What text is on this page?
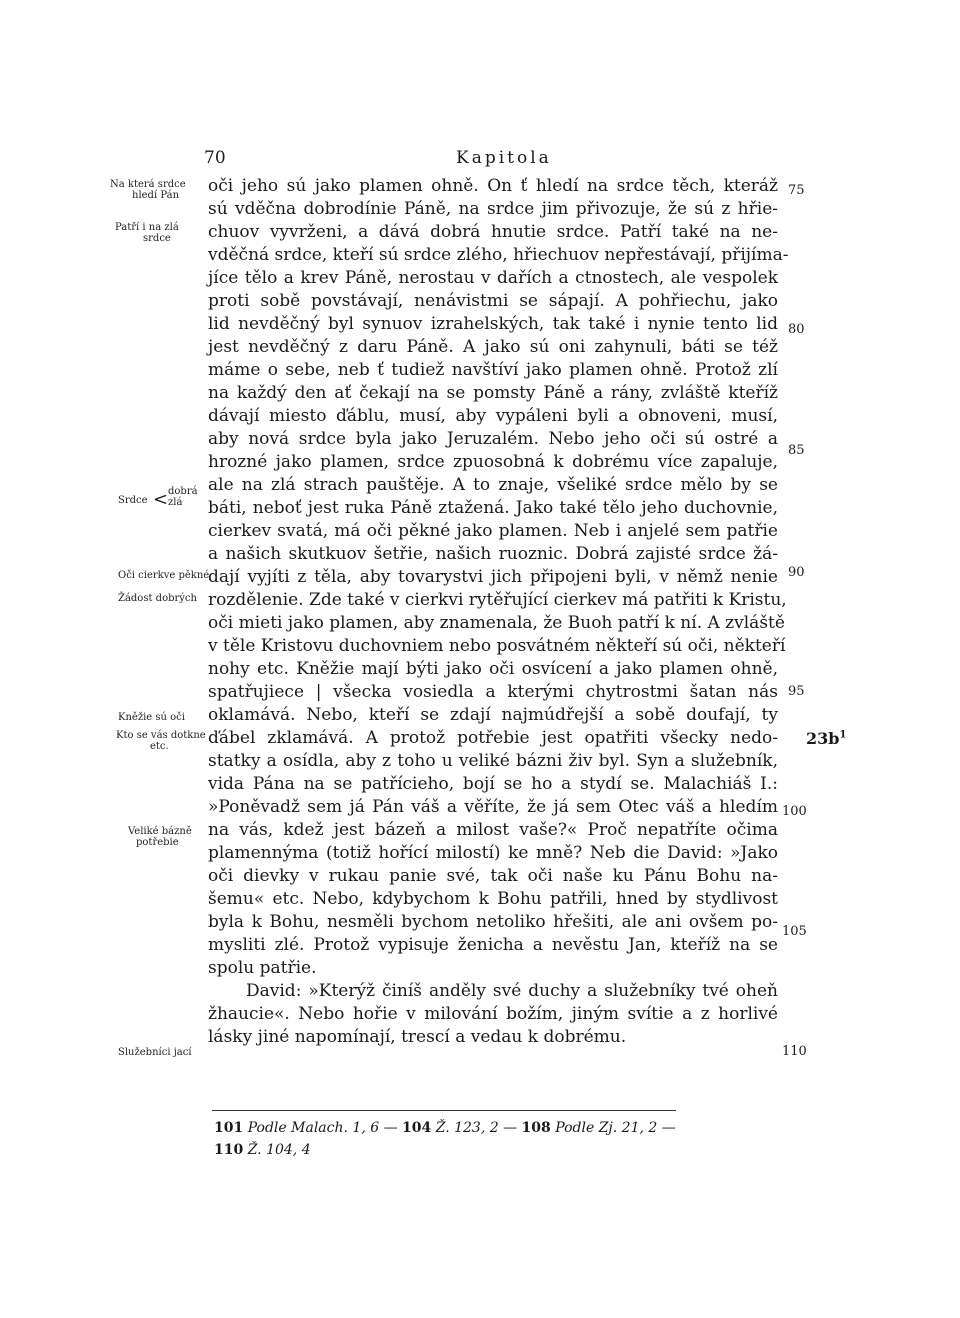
70	Kapitola
oči jeho sú jako plamen ohně. On ť hledí na srdce těch, kteráž
sú vděčna dobrodínie Páně, na srdce jim přivozuje, že sú z hřie-
chuov vyvrženi, a dává dobrá hnutie srdce. Patří také na ne-
vděčná srdce, kteří sú srdce zlého, hřiechuov nepřestávají, přijíma-
jíce tělo a krev Páně, nerostau v dařích a ctnostech, ale vespolek
proti sobě povstávají, nenávistmi se sápají. A pohřiechu, jako
lid nevděčný byl synuov izrahelských, tak také i nynie tento lid
jest nevděčný z daru Páně. A jako sú oni zahynuli, báti se též
máme o sebe, neb ť tudiež navštíví jako plamen ohně. Protož zlí
na každý den ať čekají na se pomsty Páně a rány, zvláště kteříž
dávají miesto ďáblu, musí, aby vypáleni byli a obnoveni, musí,
aby nová srdce byla jako Jeruzalém. Nebo jeho oči sú ostré a
hrozné jako plamen, srdce zpuosobná k dobrému více zapaluje,
ale na zlá strach pauštěje. A to znaje, všeliké srdce mělo by se
báti, neboť jest ruka Páně ztažená. Jako také tělo jeho duchovnie,
cierkev svatá, má oči pěkné jako plamen. Neb i anjelé sem patřie
a našich skutkuov šetřie, našich ruoznic. Dobrá zajisté srdce žá-
dají vyjíti z těla, aby tovarystvi jich připojeni byli, v němž nenie
rozdělenie. Zde také v cierkvi rytěřující cierkev má patřiti k Kristu,
oči mieti jako plamen, aby znamenala, že Buoh patří k ní. A zvláště
v těle Kristovu duchovniem nebo posvátném někteří sú oči, někteří
nohy etc. Kněžie mají býti jako oči osvícení a jako plamen ohně,
spatřujiece | všecka vosiedla a kterými chytrostmi šatan nás
oklamává. Nebo, kteří se zdají najmúdřejší a sobě doufají, ty
ďábel zklamává. A protož potřebie jest opatřiti všecky nedo-
statky a osídla, aby z toho u veliké bázni živ byl. Syn a služebník,
vida Pána na se patřícieho, bojí se ho a stydí se. Malachiáš I.:
»Poněvadž sem já Pán váš a věříte, že já sem Otec váš a hledím
na vás, kdež jest bázeň a milost vaše?« Proč nepatříte očima
plamennýma (totiž hořící milostí) ke mně? Neb die David: »Jako
oči dievky v rukau panie své, tak oči naše ku Pánu Bohu na-
šemu« etc. Nebo, kdybychom k Bohu patřili, hned by stydlivost
byla k Bohu, nesměli bychom netoliko hřešiti, ale ani ovšem po-
mysliti zlé. Protož vypisuje ženicha a nevěstu Jan, kteříž na se
spolu patřie.
David: »Kterýž činíš anděly své duchy a služebníky tvé oheň
žhaucie«. Nebo hořie v milování božím, jiným svítie a z horlivé
lásky jiné napomínají, trescí a vedau k dobrému.
Na která srdce
hledí Pán
Patří i na zlá
srdce
Srdce < dobrá
zlá
Oči cierkve pěkné
Žádost dobrých
Kněžie sú oči
Kto se vás dotkne
etc.
Veliké bázně
potřebie
Služebníci jací
75
80
85
90
95
100
105
110
$23b^1$
101 Podle Malach. 1, 6 — 104 Ž. 123, 2 — 108 Podle Zj. 21, 2 —
110 Ž. 104, 4
